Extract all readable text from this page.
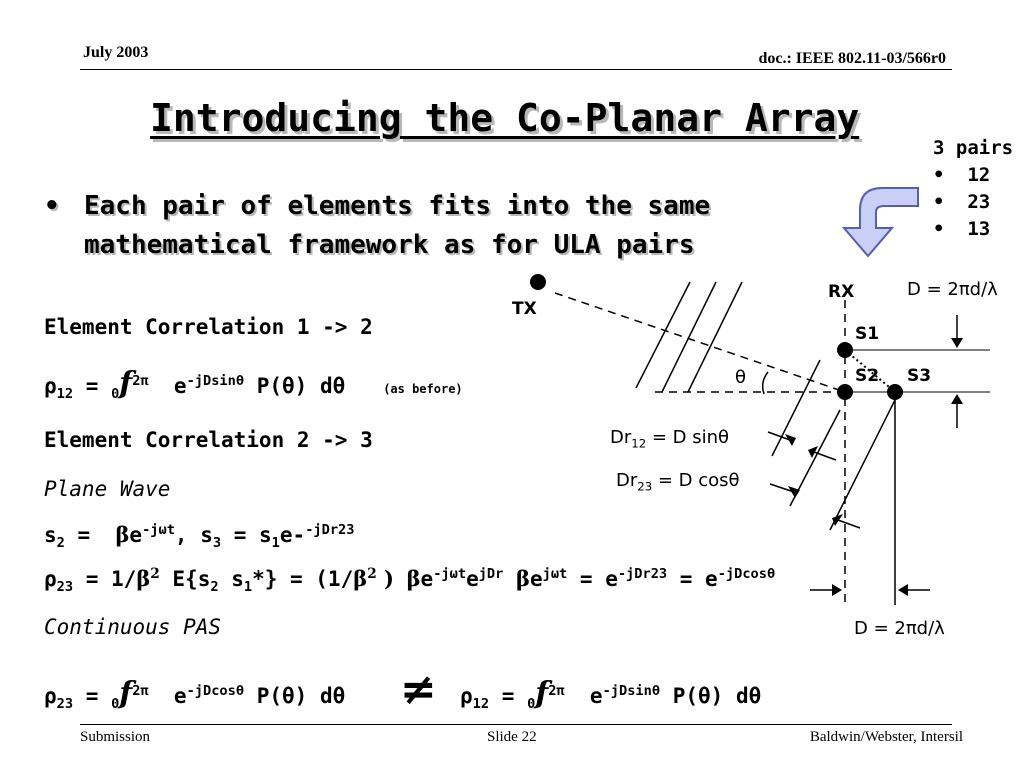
July 2003	doc.: IEEE 802.11-03/566r0
Introducing the Co-Planar Array
• Each pair of elements fits into the same
mathematical framework as for ULA pairs
3 pairs
• 12
• 23
• 13
Element Correlation 1 -> 2
$\rho_{12} = _0f^{2\pi}$ $e^{-jDsin\theta}$ P(θ) dθ	(as before)
Element Correlation 2 -> 3
Plane Wave
$s_2 = \beta e^{-j\omega t}$, $s_3 = s_1e-^{-jDr23}$
$\rho_{23} = 1/\beta^2$ $E\{s_2$ $s_1*\} = (1/\beta^2$ ) $\beta e^{-j\omega t}e^{jDr}$ $\beta e^{j\omega t} = e^{-jDr23} = e^{-jDcos\theta}$
Continuous PAS
$\rho_{23} = _0f^{2\pi}$ $e^{-jDcos\theta}$ P(θ) $d\theta \ne \rho_{12} = _0f^{2\pi}$ $e^{-jDsin\theta}$ P(θ) dθ
TX
RX	D = 2πd/λ
S1
S2 S3
θ
$Dr_{12} = D$ sinθ
$Dr_{23} = D$ cosθ
D = 2πd/λ
Submission	Slide 22	Baldwin/Webster, Intersil
